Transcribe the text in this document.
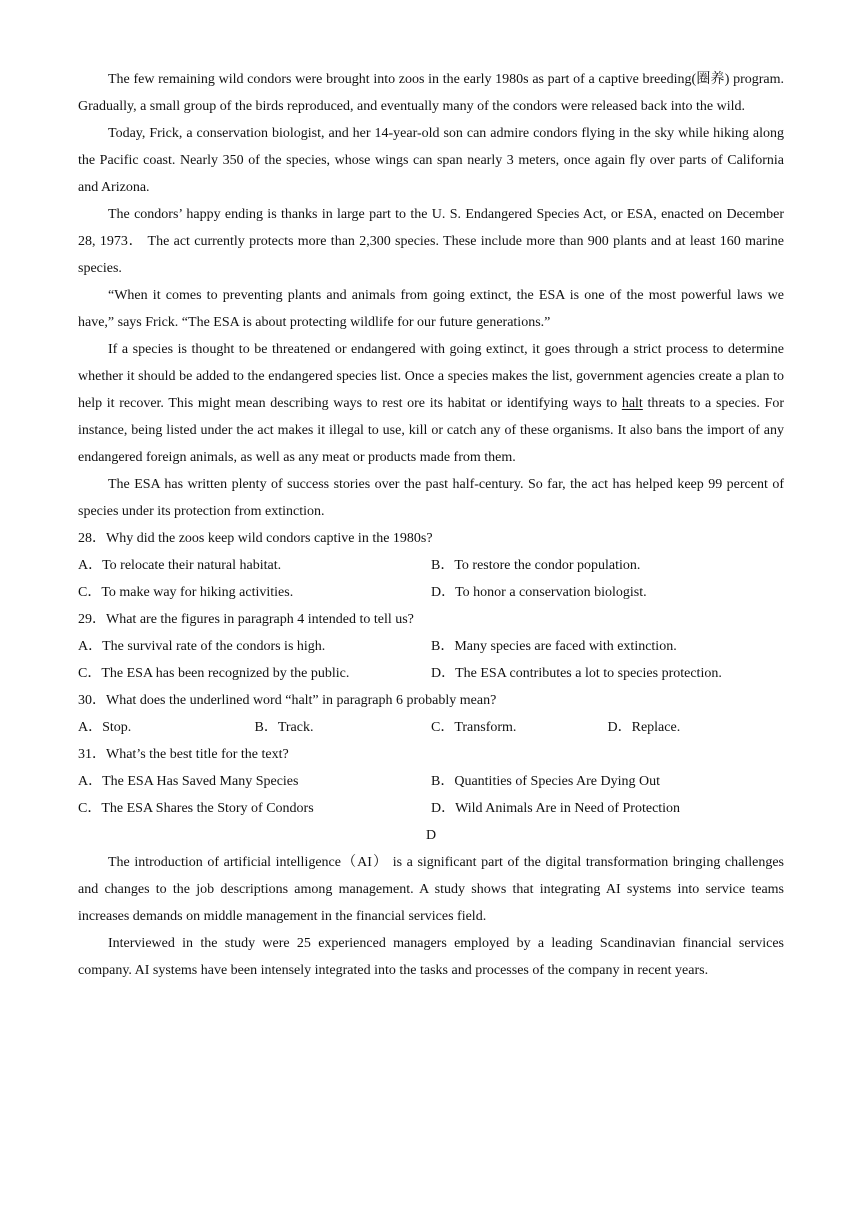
The few remaining wild condors were brought into zoos in the early 1980s as part of a captive breeding(圈养) program. Gradually, a small group of the birds reproduced, and eventually many of the condors were released back into the wild.

Today, Frick, a conservation biologist, and her 14-year-old son can admire condors flying in the sky while hiking along the Pacific coast. Nearly 350 of the species, whose wings can span nearly 3 meters, once again fly over parts of California and Arizona.

The condors’ happy ending is thanks in large part to the U. S. Endangered Species Act, or ESA, enacted on December 28, 1973． The act currently protects more than 2,300 species. These include more than 900 plants and at least 160 marine species.

“When it comes to preventing plants and animals from going extinct, the ESA is one of the most powerful laws we have,” says Frick. “The ESA is about protecting wildlife for our future generations.”

If a species is thought to be threatened or endangered with going extinct, it goes through a strict process to determine whether it should be added to the endangered species list. Once a species makes the list, government agencies create a plan to help it recover. This might mean describing ways to rest ore its habitat or identifying ways to halt threats to a species. For instance, being listed under the act makes it illegal to use, kill or catch any of these organisms. It also bans the import of any endangered foreign animals, as well as any meat or products made from them.

The ESA has written plenty of success stories over the past half-century. So far, the act has helped keep 99 percent of species under its protection from extinction.

28．Why did the zoos keep wild condors captive in the 1980s?

A．To relocate their natural habitat.	B．To restore the condor population.
C．To make way for hiking activities.	D．To honor a conservation biologist.

29．What are the figures in paragraph 4 intended to tell us?

A．The survival rate of the condors is high.	B．Many species are faced with extinction.
C．The ESA has been recognized by the public.	D．The ESA contributes a lot to species protection.

30．What does the underlined word “halt” in paragraph 6 probably mean?

A．Stop.	B．Track.	C．Transform.	D．Replace.

31．What’s the best title for the text?

A．The ESA Has Saved Many Species	B．Quantities of Species Are Dying Out
C．The ESA Shares the Story of Condors	D．Wild Animals Are in Need of Protection

D

The introduction of artificial intelligence（AI） is a significant part of the digital transformation bringing challenges and changes to the job descriptions among management. A study shows that integrating AI systems into service teams increases demands on middle management in the financial services field.

Interviewed in the study were 25 experienced managers employed by a leading Scandinavian financial services company. AI systems have been intensely integrated into the tasks and processes of the company in recent years.
